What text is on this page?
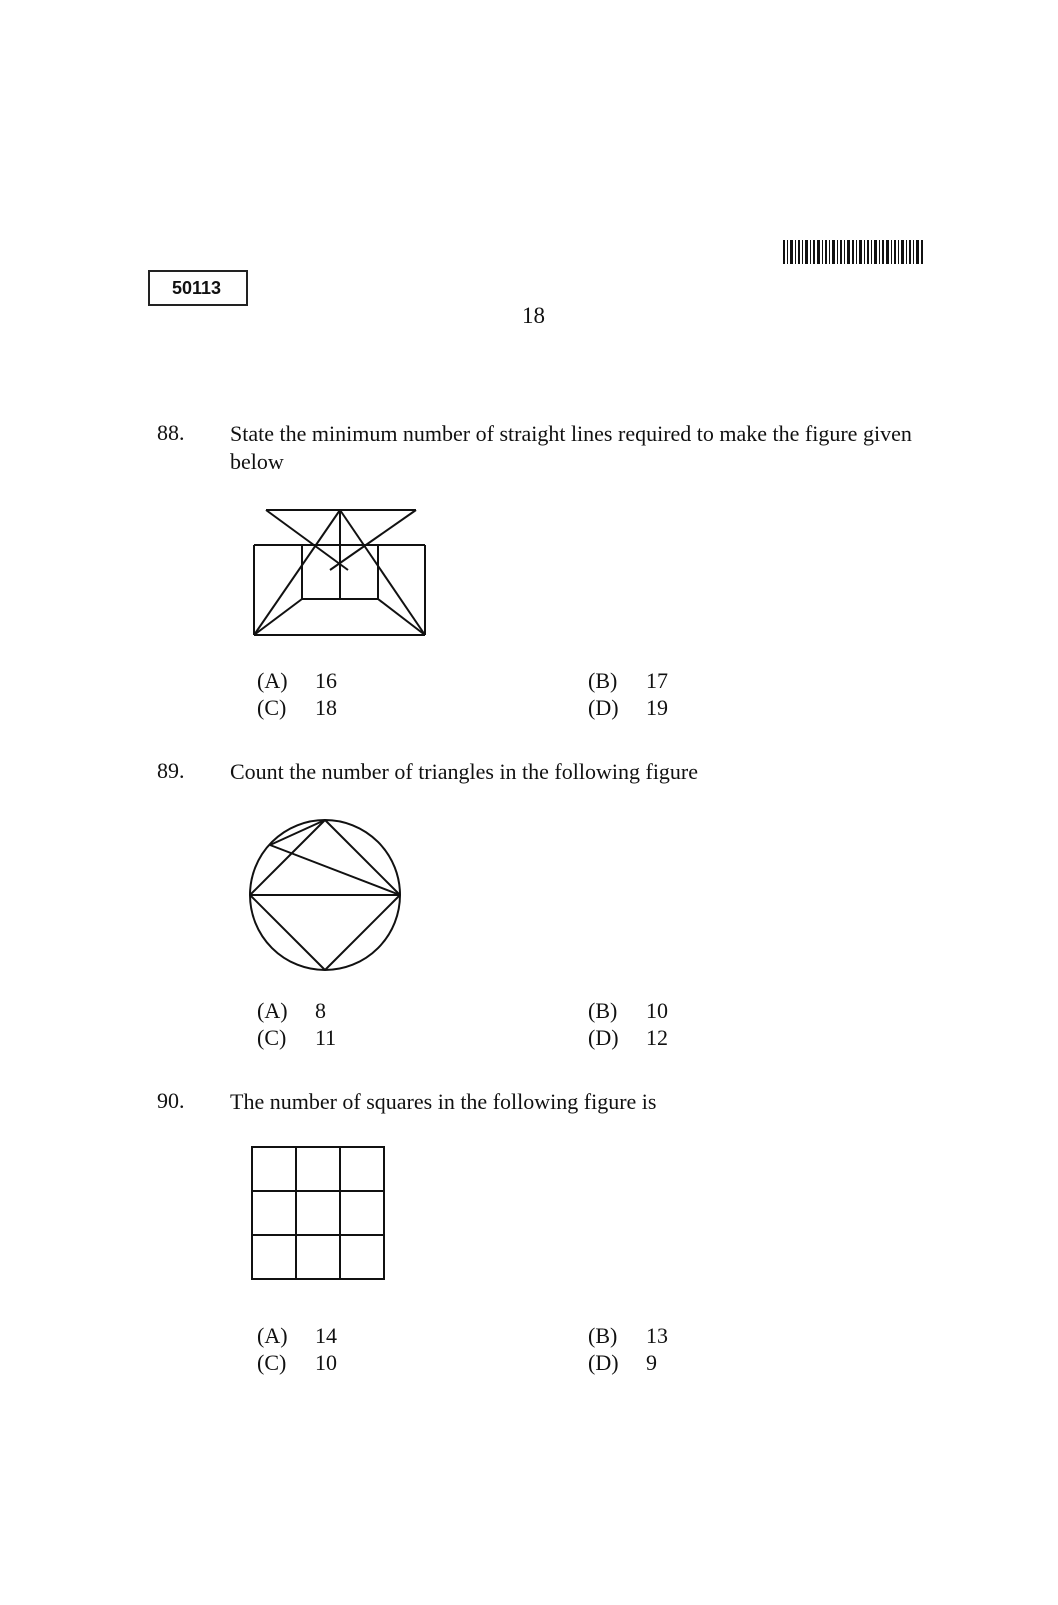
50113
18
88. State the minimum number of straight lines required to make the figure given below
(A) 16	(B) 17
(C) 18	(D) 19
89. Count the number of triangles in the following figure
(A) 8	(B) 10
(C) 11	(D) 12
90. The number of squares in the following figure is
(A) 14	(B) 13
(C) 10	(D) 9
